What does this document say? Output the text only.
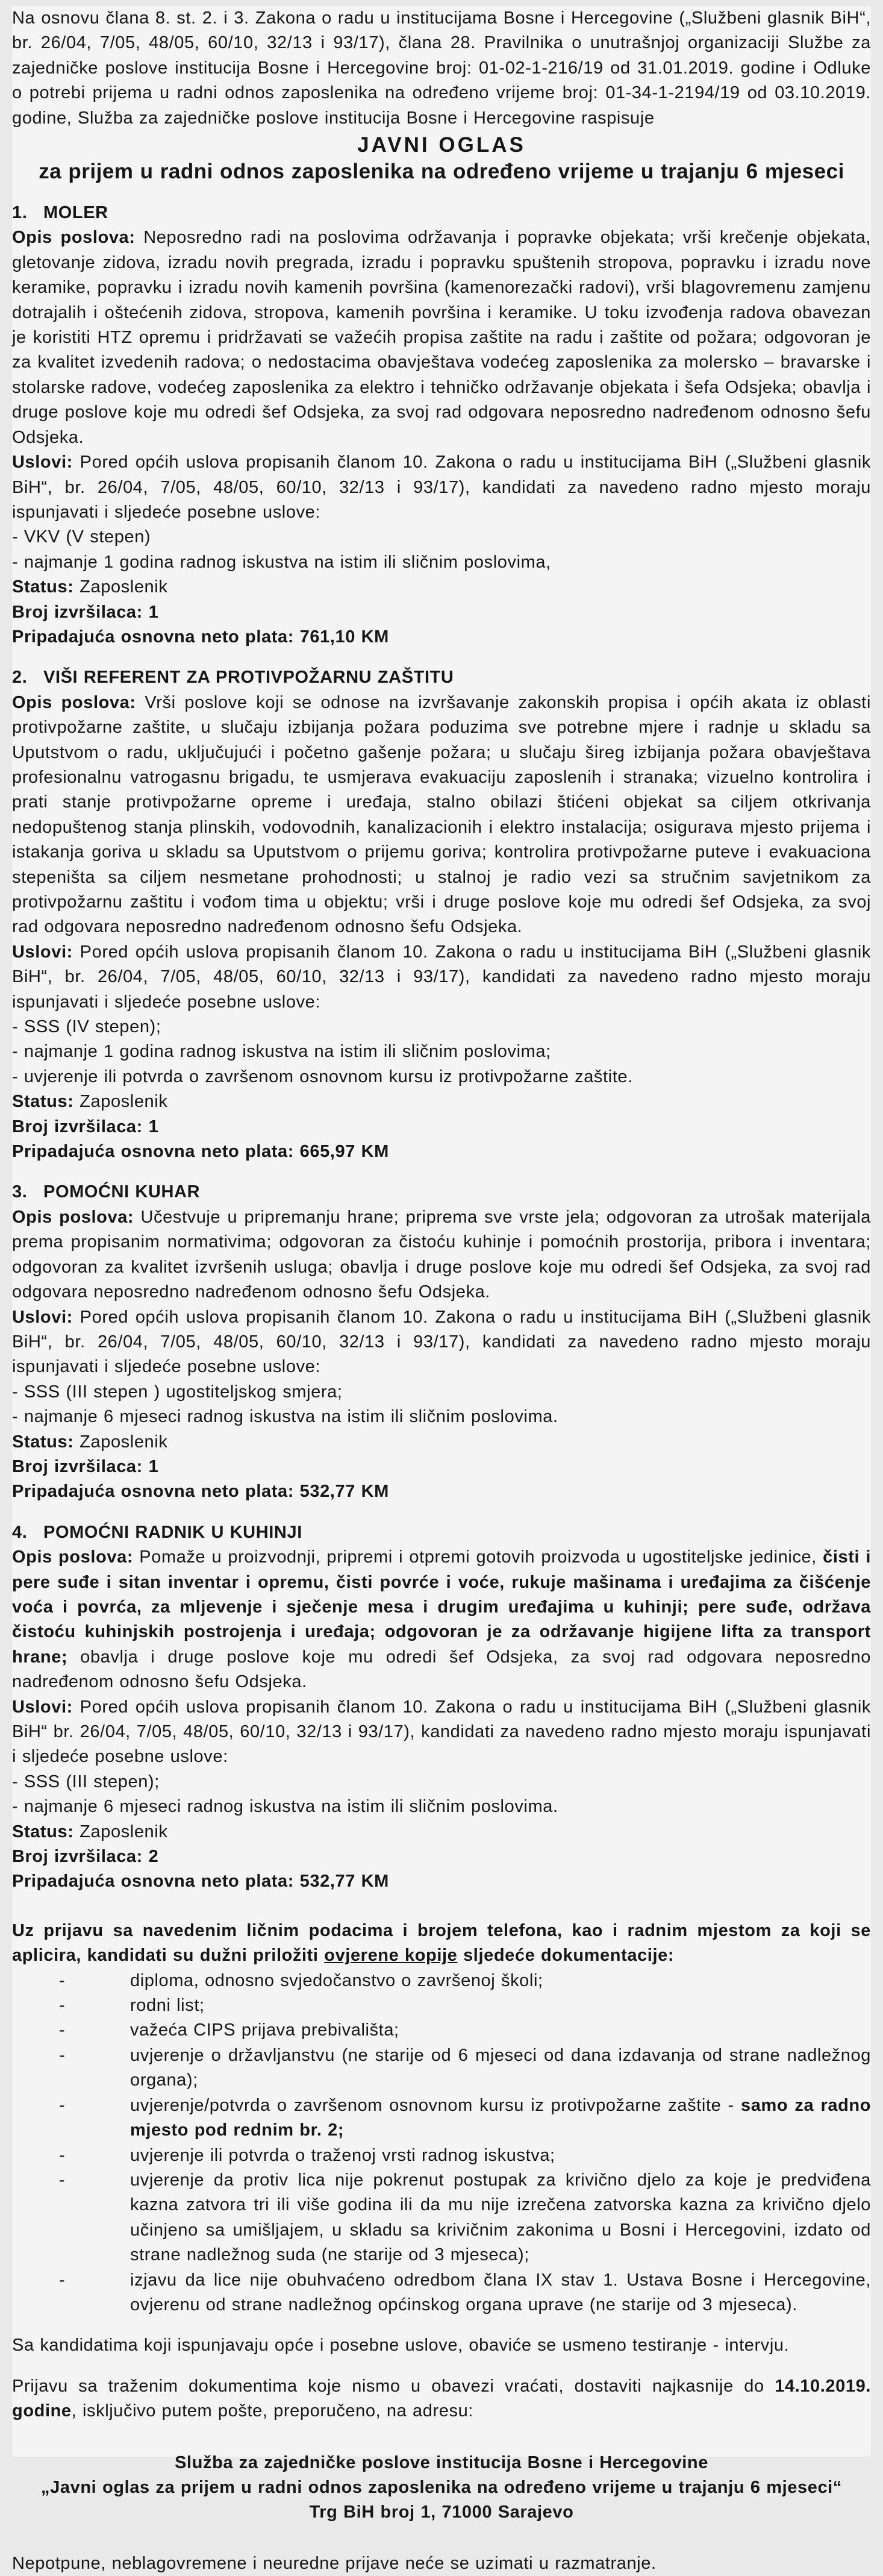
Na osnovu člana 8. st. 2. i 3. Zakona o radu u institucijama Bosne i Hercegovine („Službeni glasnik BiH“, br. 26/04, 7/05, 48/05, 60/10, 32/13 i 93/17), člana 28. Pravilnika o unutrašnjoj organizaciji Službe za zajedničke poslove institucija Bosne i Hercegovine broj: 01-02-1-216/19 od 31.01.2019. godine i Odluke o potrebi prijema u radni odnos zaposlenika na određeno vrijeme broj: 01-34-1-2194/19 od 03.10.2019. godine, Služba za zajedničke poslove institucija Bosne i Hercegovine raspisuje

JAVNI OGLAS
za prijem u radni odnos zaposlenika na određeno vrijeme u trajanju 6 mjeseci
1. MOLER

Opis poslova: Neposredno radi na poslovima održavanja i popravke objekata; vrši krečenje objekata, gletovanje zidova, izradu novih pregrada, izradu i popravku spuštenih stropova, popravku i izradu nove keramike, popravku i izradu novih kamenih površina (kamenorezački radovi), vrši blagovremenu zamjenu dotrajalih i oštećenih zidova, stropova, kamenih površina i keramike. U toku izvođenja radova obavezan je koristiti HTZ opremu i pridržavati se važećih propisa zaštite na radu i zaštite od požara; odgovoran je za kvalitet izvedenih radova; o nedostacima obavještava vodećeg zaposlenika za molersko – bravarske i stolarske radove, vodećeg zaposlenika za elektro i tehničko održavanje objekata i šefa Odsjeka; obavlja i druge poslove koje mu odredi šef Odsjeka, za svoj rad odgovara neposredno nadređenom odnosno šefu Odsjeka.

Uslovi: Pored općih uslova propisanih članom 10. Zakona o radu u institucijama BiH („Službeni glasnik BiH“, br. 26/04, 7/05, 48/05, 60/10, 32/13 i 93/17), kandidati za navedeno radno mjesto moraju ispunjavati i sljedeće posebne uslove:

- VKV (V stepen)
- najmanje 1 godina radnog iskustva na istim ili sličnim poslovima,

Status: Zaposlenik

Broj izvršilaca: 1

Pripadajuća osnovna neto plata: 761,10 KM

2. VIŠI REFERENT ZA PROTIVPOŽARNU ZAŠTITU

Opis poslova: Vrši poslove koji se odnose na izvršavanje zakonskih propisa i općih akata iz oblasti protivpožarne zaštite, u slučaju izbijanja požara poduzima sve potrebne mjere i radnje u skladu sa Uputstvom o radu, uključujući i početno gašenje požara; u slučaju šireg izbijanja požara obavještava profesionalnu vatrogasnu brigadu, te usmjerava evakuaciju zaposlenih i stranaka; vizuelno kontrolira i prati stanje protivpožarne opreme i uređaja, stalno obilazi štićeni objekat sa ciljem otkrivanja nedopuštenog stanja plinskih, vodovodnih, kanalizacionih i elektro instalacija; osigurava mjesto prijema i istakanja goriva u skladu sa Uputstvom o prijemu goriva; kontrolira protivpožarne puteve i evakuaciona stepeništa sa ciljem nesmetane prohodnosti; u stalnoj je radio vezi sa stručnim savjetnikom za protivpožarnu zaštitu i vođom tima u objektu; vrši i druge poslove koje mu odredi šef Odsjeka, za svoj rad odgovara neposredno nadređenom odnosno šefu Odsjeka.

Uslovi: Pored općih uslova propisanih članom 10. Zakona o radu u institucijama BiH („Službeni glasnik BiH“, br. 26/04, 7/05, 48/05, 60/10, 32/13 i 93/17), kandidati za navedeno radno mjesto moraju ispunjavati i sljedeće posebne uslove:

- SSS (IV stepen);
- najmanje 1 godina radnog iskustva na istim ili sličnim poslovima;
- uvjerenje ili potvrda o završenom osnovnom kursu iz protivpožarne zaštite.

Status: Zaposlenik

Broj izvršilaca: 1

Pripadajuća osnovna neto plata: 665,97 KM

3. POMOĆNI KUHAR

Opis poslova: Učestvuje u pripremanju hrane; priprema sve vrste jela; odgovoran za utrošak materijala prema propisanim normativima; odgovoran za čistoću kuhinje i pomoćnih prostorija, pribora i inventara; odgovoran za kvalitet izvršenih usluga; obavlja i druge poslove koje mu odredi šef Odsjeka, za svoj rad odgovara neposredno nadređenom odnosno šefu Odsjeka.

Uslovi: Pored općih uslova propisanih članom 10. Zakona o radu u institucijama BiH („Službeni glasnik BiH“, br. 26/04, 7/05, 48/05, 60/10, 32/13 i 93/17), kandidati za navedeno radno mjesto moraju ispunjavati i sljedeće posebne uslove:

- SSS (III stepen ) ugostiteljskog smjera;
- najmanje 6 mjeseci radnog iskustva na istim ili sličnim poslovima.

Status: Zaposlenik

Broj izvršilaca: 1

Pripadajuća osnovna neto plata: 532,77 KM

4. POMOĆNI RADNIK U KUHINJI

Opis poslova: Pomaže u proizvodnji, pripremi i otpremi gotovih proizvoda u ugostiteljske jedinice, čisti i pere suđe i sitan inventar i opremu, čisti povrće i voće, rukuje mašinama i uređajima za čišćenje voća i povrća, za mljevenje i sječenje mesa i drugim uređajima u kuhinji; pere suđe, održava čistoću kuhinjskih postrojenja i uređaja; odgovoran je za održavanje higijene lifta za transport hrane; obavlja i druge poslove koje mu odredi šef Odsjeka, za svoj rad odgovara neposredno nadređenom odnosno šefu Odsjeka.

Uslovi: Pored općih uslova propisanih članom 10. Zakona o radu u institucijama BiH („Službeni glasnik BiH“ br. 26/04, 7/05, 48/05, 60/10, 32/13 i 93/17), kandidati za navedeno radno mjesto moraju ispunjavati i sljedeće posebne uslove:

- SSS (III stepen);
- najmanje 6 mjeseci radnog iskustva na istim ili sličnim poslovima.

Status: Zaposlenik

Broj izvršilaca: 2

Pripadajuća osnovna neto plata: 532,77 KM

Uz prijavu sa navedenim ličnim podacima i brojem telefona, kao i radnim mjestom za koji se aplicira, kandidati su dužni priložiti ovjerene kopije sljedeće dokumentacije:

-	diploma, odnosno svjedočanstvo o završenoj školi;
-	rodni list;
-	važeća CIPS prijava prebivališta;
-	uvjerenje o državljanstvu (ne starije od 6 mjeseci od dana izdavanja od strane nadležnog organa);
-	uvjerenje/potvrda o završenom osnovnom kursu iz protivpožarne zaštite - samo za radno mjesto pod rednim br. 2;
-	uvjerenje ili potvrda o traženoj vrsti radnog iskustva;
-	uvjerenje da protiv lica nije pokrenut postupak za krivično djelo za koje je predviđena kazna zatvora tri ili više godina ili da mu nije izrečena zatvorska kazna za krivično djelo učinjeno sa umišljajem, u skladu sa krivičnim zakonima u Bosni i Hercegovini, izdato od strane nadležnog suda (ne starije od 3 mjeseca);
-	izjavu da lice nije obuhvaćeno odredbom člana IX stav 1. Ustava Bosne i Hercegovine, ovjerenu od strane nadležnog općinskog organa uprave (ne starije od 3 mjeseca).

Sa kandidatima koji ispunjavaju opće i posebne uslove, obaviće se usmeno testiranje - intervju.

Prijavu sa traženim dokumentima koje nismo u obavezi vraćati, dostaviti najkasnije do 14.10.2019. godine, isključivo putem pošte, preporučeno, na adresu:

Služba za zajedničke poslove institucija Bosne i Hercegovine
„Javni oglas za prijem u radni odnos zaposlenika na određeno vrijeme u trajanju 6 mjeseci“
Trg BiH broj 1, 71000 Sarajevo

Nepotpune, neblagovremene i neuredne prijave neće se uzimati u razmatranje.
